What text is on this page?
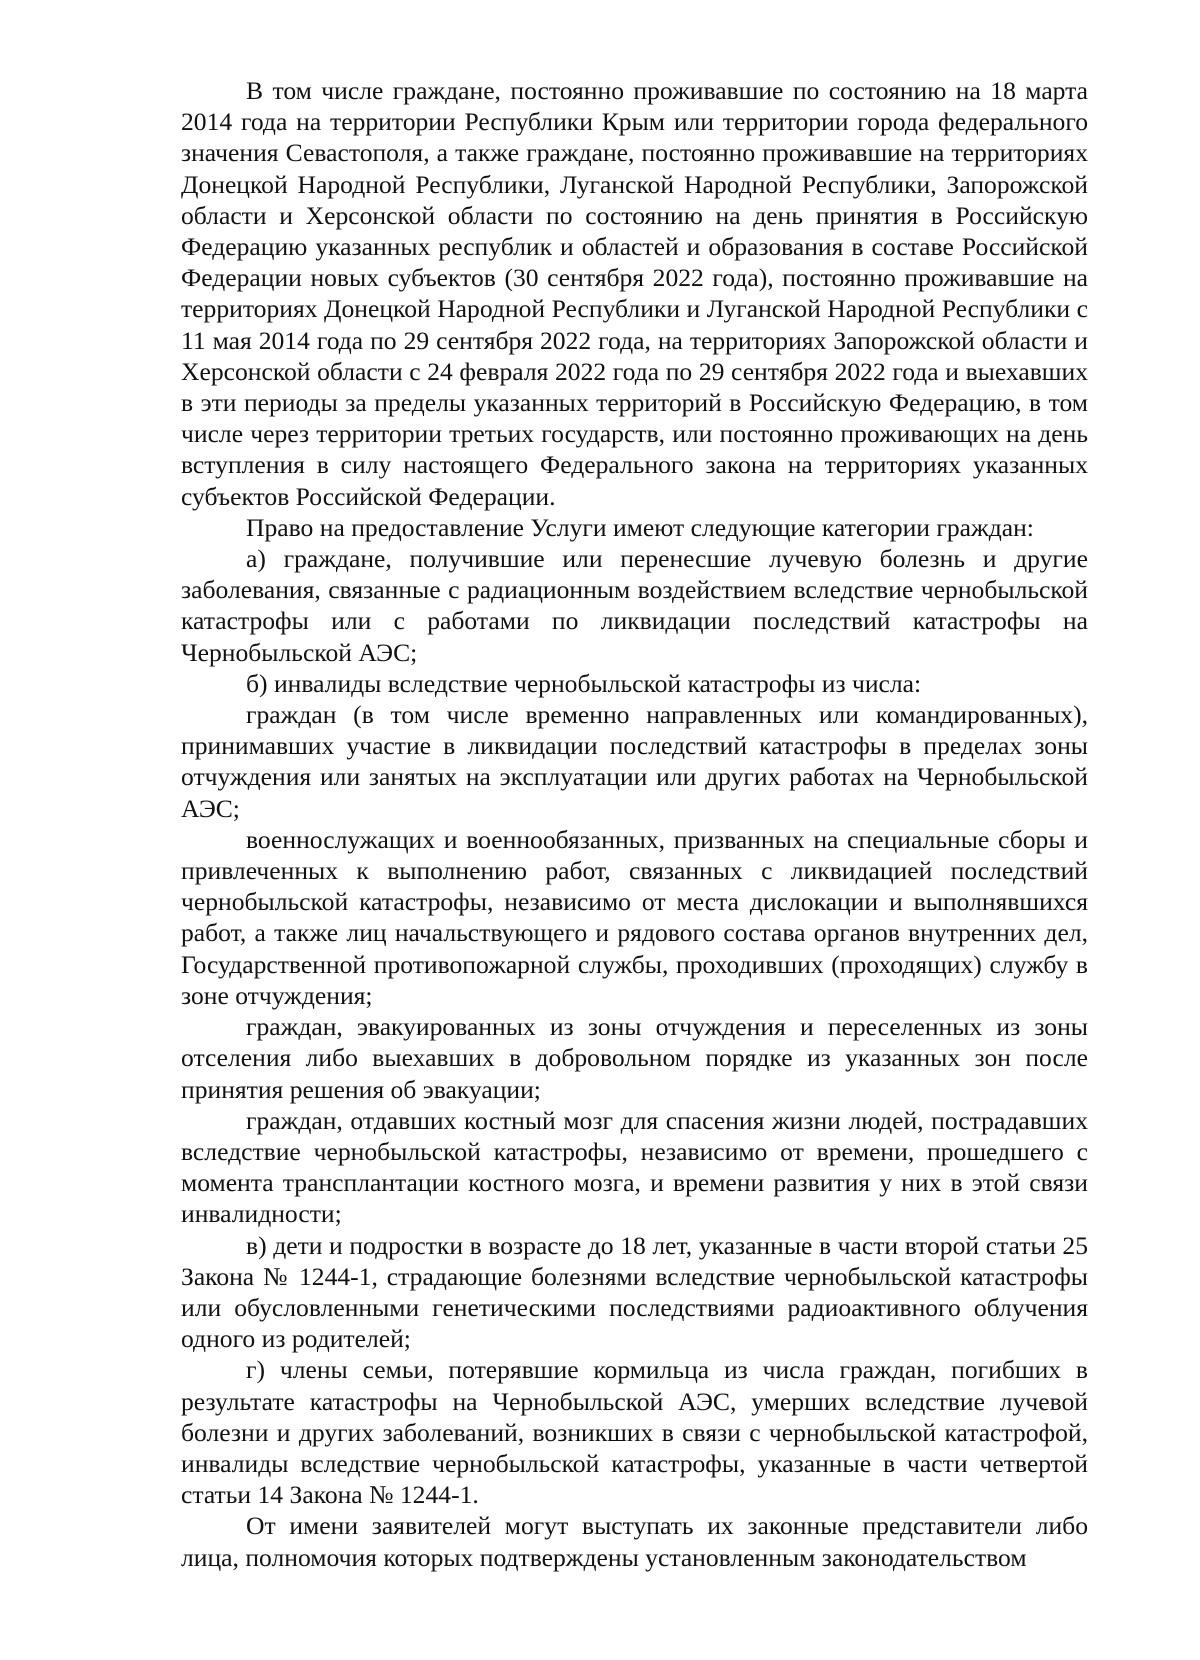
В том числе граждане, постоянно проживавшие по состоянию на 18 марта 2014 года на территории Республики Крым или территории города федерального значения Севастополя, а также граждане, постоянно проживавшие на территориях Донецкой Народной Республики, Луганской Народной Республики, Запорожской области и Херсонской области по состоянию на день принятия в Российскую Федерацию указанных республик и областей и образования в составе Российской Федерации новых субъектов (30 сентября 2022 года), постоянно проживавшие на территориях Донецкой Народной Республики и Луганской Народной Республики с 11 мая 2014 года по 29 сентября 2022 года, на территориях Запорожской области и Херсонской области с 24 февраля 2022 года по 29 сентября 2022 года и выехавших в эти периоды за пределы указанных территорий в Российскую Федерацию, в том числе через территории третьих государств, или постоянно проживающих на день вступления в силу настоящего Федерального закона на территориях указанных субъектов Российской Федерации.

Право на предоставление Услуги имеют следующие категории граждан:

а) граждане, получившие или перенесшие лучевую болезнь и другие заболевания, связанные с радиационным воздействием вследствие чернобыльской катастрофы или с работами по ликвидации последствий катастрофы на Чернобыльской АЭС;

б) инвалиды вследствие чернобыльской катастрофы из числа:

граждан (в том числе временно направленных или командированных), принимавших участие в ликвидации последствий катастрофы в пределах зоны отчуждения или занятых на эксплуатации или других работах на Чернобыльской АЭС;

военнослужащих и военнообязанных, призванных на специальные сборы и привлеченных к выполнению работ, связанных с ликвидацией последствий чернобыльской катастрофы, независимо от места дислокации и выполнявшихся работ, а также лиц начальствующего и рядового состава органов внутренних дел, Государственной противопожарной службы, проходивших (проходящих) службу в зоне отчуждения;

граждан, эвакуированных из зоны отчуждения и переселенных из зоны отселения либо выехавших в добровольном порядке из указанных зон после принятия решения об эвакуации;

граждан, отдавших костный мозг для спасения жизни людей, пострадавших вследствие чернобыльской катастрофы, независимо от времени, прошедшего с момента трансплантации костного мозга, и времени развития у них в этой связи инвалидности;

в) дети и подростки в возрасте до 18 лет, указанные в части второй статьи 25 Закона № 1244-1, страдающие болезнями вследствие чернобыльской катастрофы или обусловленными генетическими последствиями радиоактивного облучения одного из родителей;

г) члены семьи, потерявшие кормильца из числа граждан, погибших в результате катастрофы на Чернобыльской АЭС, умерших вследствие лучевой болезни и других заболеваний, возникших в связи с чернобыльской катастрофой, инвалиды вследствие чернобыльской катастрофы, указанные в части четвертой статьи 14 Закона № 1244-1.

От имени заявителей могут выступать их законные представители либо лица, полномочия которых подтверждены установленным законодательством
